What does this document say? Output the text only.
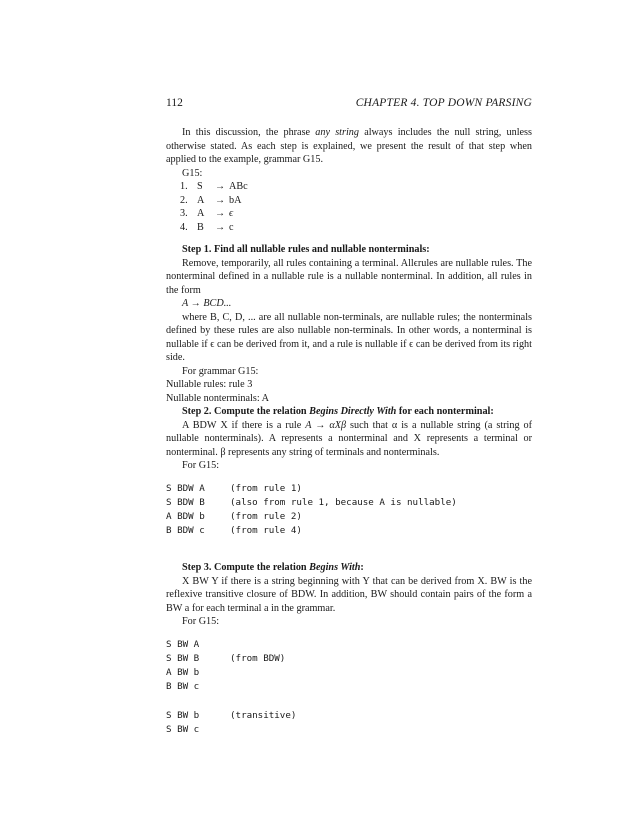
112	CHAPTER 4. TOP DOWN PARSING

In this discussion, the phrase any string always includes the null string, unless otherwise stated. As each step is explained, we present the result of that step when applied to the example, grammar G15.

G15:
1. S	→ ABc
2. A	→ bA
3. A	→ ϵ
4. B	→ c

Step 1. Find all nullable rules and nullable nonterminals:

Remove, temporarily, all rules containing a terminal. Allϵrules are nullable rules. The nonterminal defined in a nullable rule is a nullable nonterminal. In addition, all rules in the form

A → BCD...

where B, C, D, ... are all nullable non-terminals, are nullable rules; the nonterminals defined by these rules are also nullable non-terminals. In other words, a nonterminal is nullable if ϵ can be derived from it, and a rule is nullable if ϵ can be derived from its right side.

For grammar G15:
Nullable rules: rule 3
Nullable nonterminals: A

Step 2. Compute the relation Begins Directly With for each nonterminal:

A BDW X if there is a rule A → αXβ such that α is a nullable string (a string of nullable nonterminals). A represents a nonterminal and X represents a terminal or nonterminal. β represents any string of terminals and nonterminals.

For G15:
S BDW A	(from rule 1)
S BDW B	(also from rule 1, because A is nullable)
A BDW b	(from rule 2)
B BDW c	(from rule 4)

Step 3. Compute the relation Begins With:

X BW Y if there is a string beginning with Y that can be derived from X. BW is the reflexive transitive closure of BDW. In addition, BW should contain pairs of the form a BW a for each terminal a in the grammar.

For G15:
S BW A
S BW B	(from BDW)
A BW b
B BW c
S BW b	(transitive)
S BW c
